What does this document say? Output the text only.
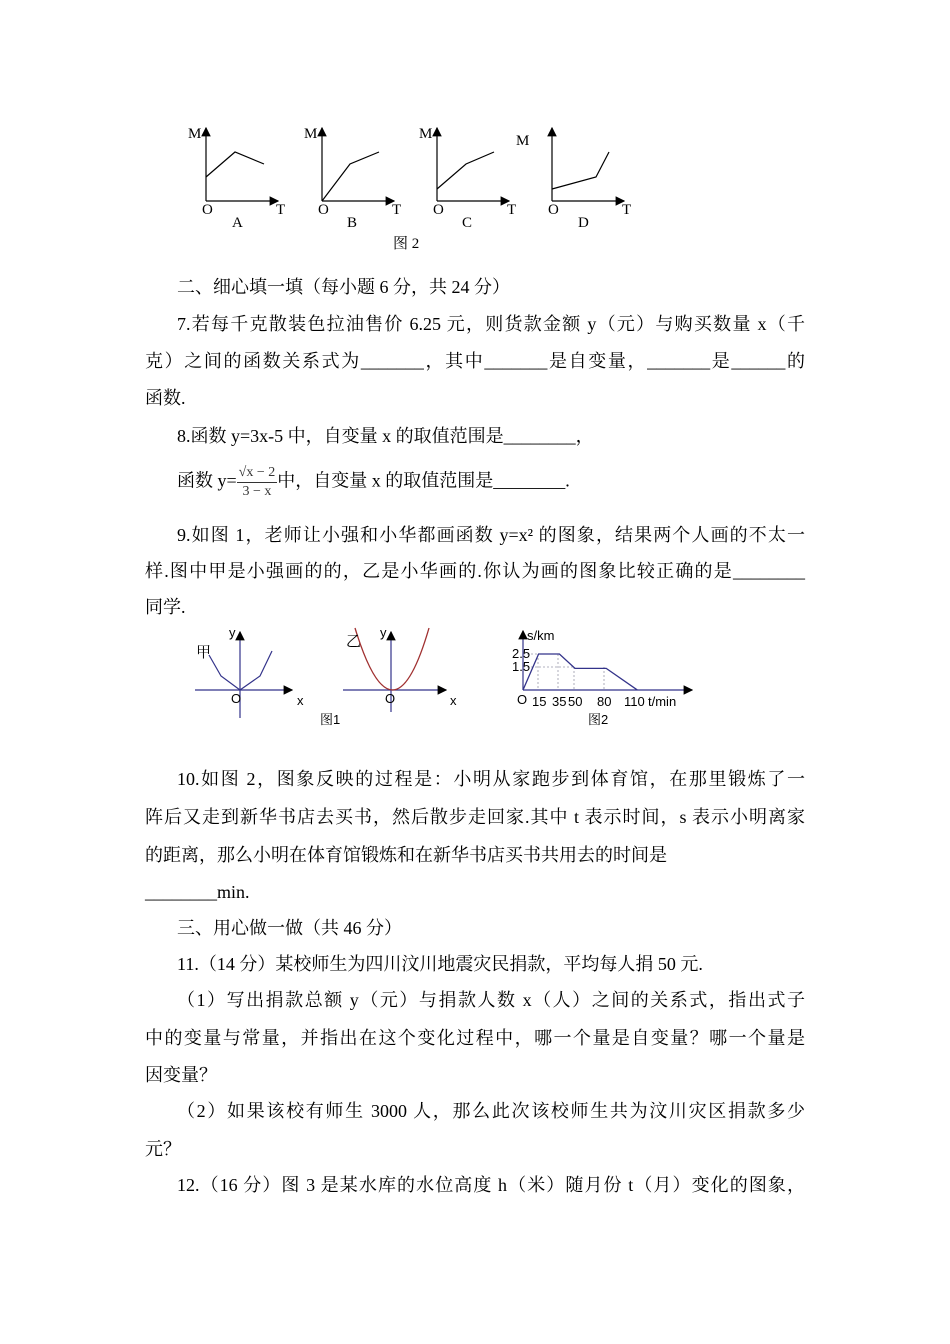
M
O	T
A
M
O	T
B
M
O	T
C
M
O	T
D
图 2
甲
y
O	x
乙
y
O	x
图1
s/km
2.5
1.5
O 15 35 50 80 110 t/min
图2
二、细心填一填（每小题 6 分，共 24 分）
7.若每千克散装色拉油售价 6.25 元，则货款金额 y（元）与购买数量 x（千
克）之间的函数关系式为_______，其中_______是自变量，_______是______的
函数.
8.函数 y=3x-5 中，自变量 x 的取值范围是________，
函数 $y= \frac{√x - 2}{3 - x}$ 中，自变量 x 的取值范围是________.
9.如图 1，老师让小强和小华都画函数 y=x² 的图象，结果两个人画的不太一
样.图中甲是小强画的的，乙是小华画的.你认为画的图象比较正确的是________
同学.
10.如图 2，图象反映的过程是：小明从家跑步到体育馆，在那里锻炼了一
阵后又走到新华书店去买书，然后散步走回家.其中 t 表示时间，s 表示小明离家
的距离，那么小明在体育馆锻炼和在新华书店买书共用去的时间是
________min.
三、用心做一做（共 46 分）
11.（14 分）某校师生为四川汶川地震灾民捐款，平均每人捐 50 元.
（1）写出捐款总额 y（元）与捐款人数 x（人）之间的关系式，指出式子
中的变量与常量，并指出在这个变化过程中，哪一个量是自变量？哪一个量是
因变量？
（2）如果该校有师生 3000 人，那么此次该校师生共为汶川灾区捐款多少
元？
12.（16 分）图 3 是某水库的水位高度 h（米）随月份 t（月）变化的图象，
